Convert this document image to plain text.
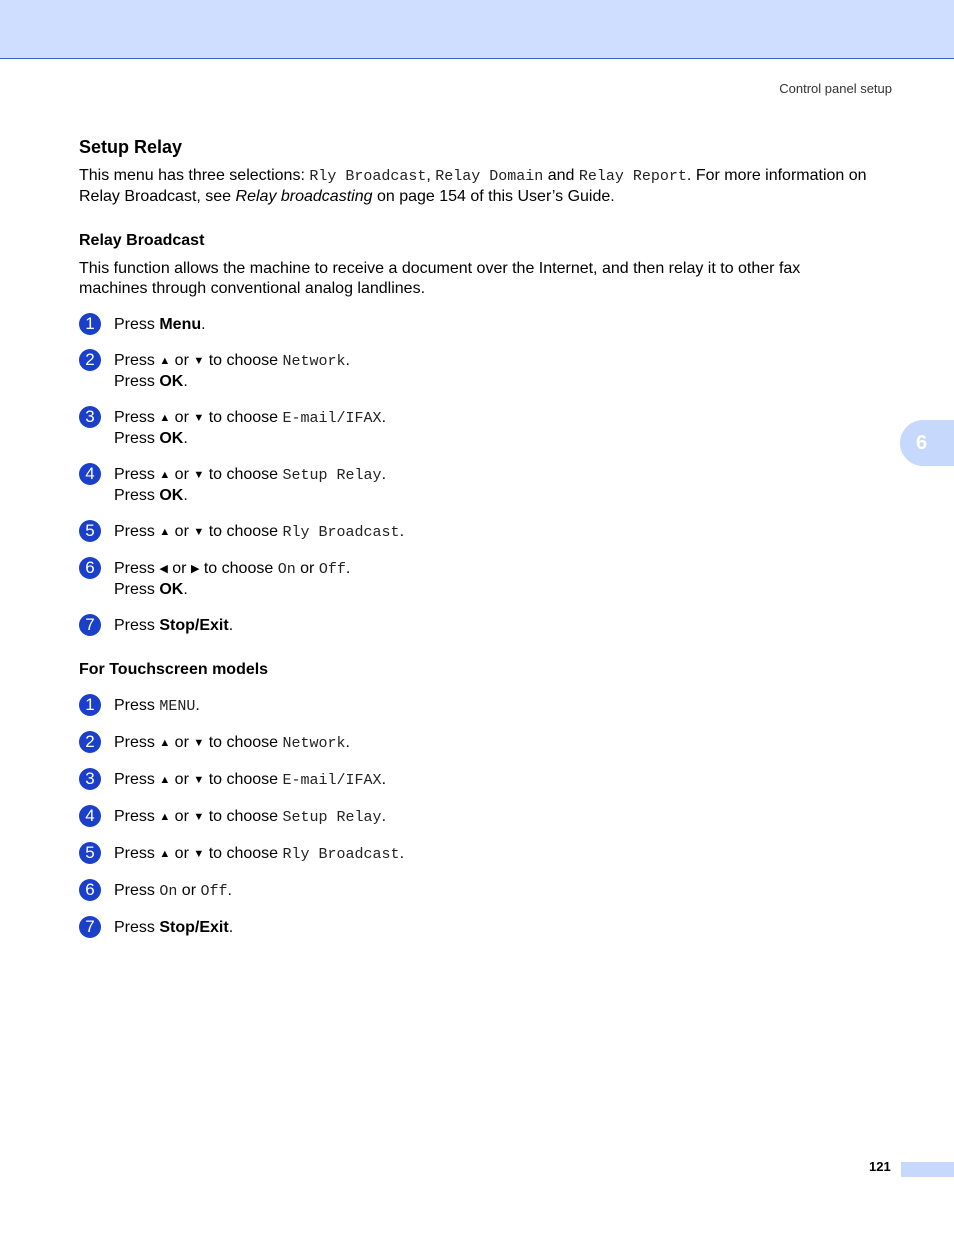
Control panel setup
6
Setup Relay

This menu has three selections: Rly Broadcast, Relay Domain and Relay Report. For more information on Relay Broadcast, see Relay broadcasting on page 154 of this User’s Guide.

Relay Broadcast

This function allows the machine to receive a document over the Internet, and then relay it to other fax machines through conventional analog landlines.

1	Press Menu.
2	Press ▲ or ▼ to choose Network.
Press OK.
3	Press ▲ or ▼ to choose E-mail/IFAX.
Press OK.
4	Press ▲ or ▼ to choose Setup Relay.
Press OK.
5	Press ▲ or ▼ to choose Rly Broadcast.
6	Press ◀ or ▶ to choose On or Off.
Press OK.
7	Press Stop/Exit.
For Touchscreen models
1	Press MENU.
2	Press ▲ or ▼ to choose Network.
3	Press ▲ or ▼ to choose E-mail/IFAX.
4	Press ▲ or ▼ to choose Setup Relay.
5	Press ▲ or ▼ to choose Rly Broadcast.
6	Press On or Off.
7	Press Stop/Exit.
121
